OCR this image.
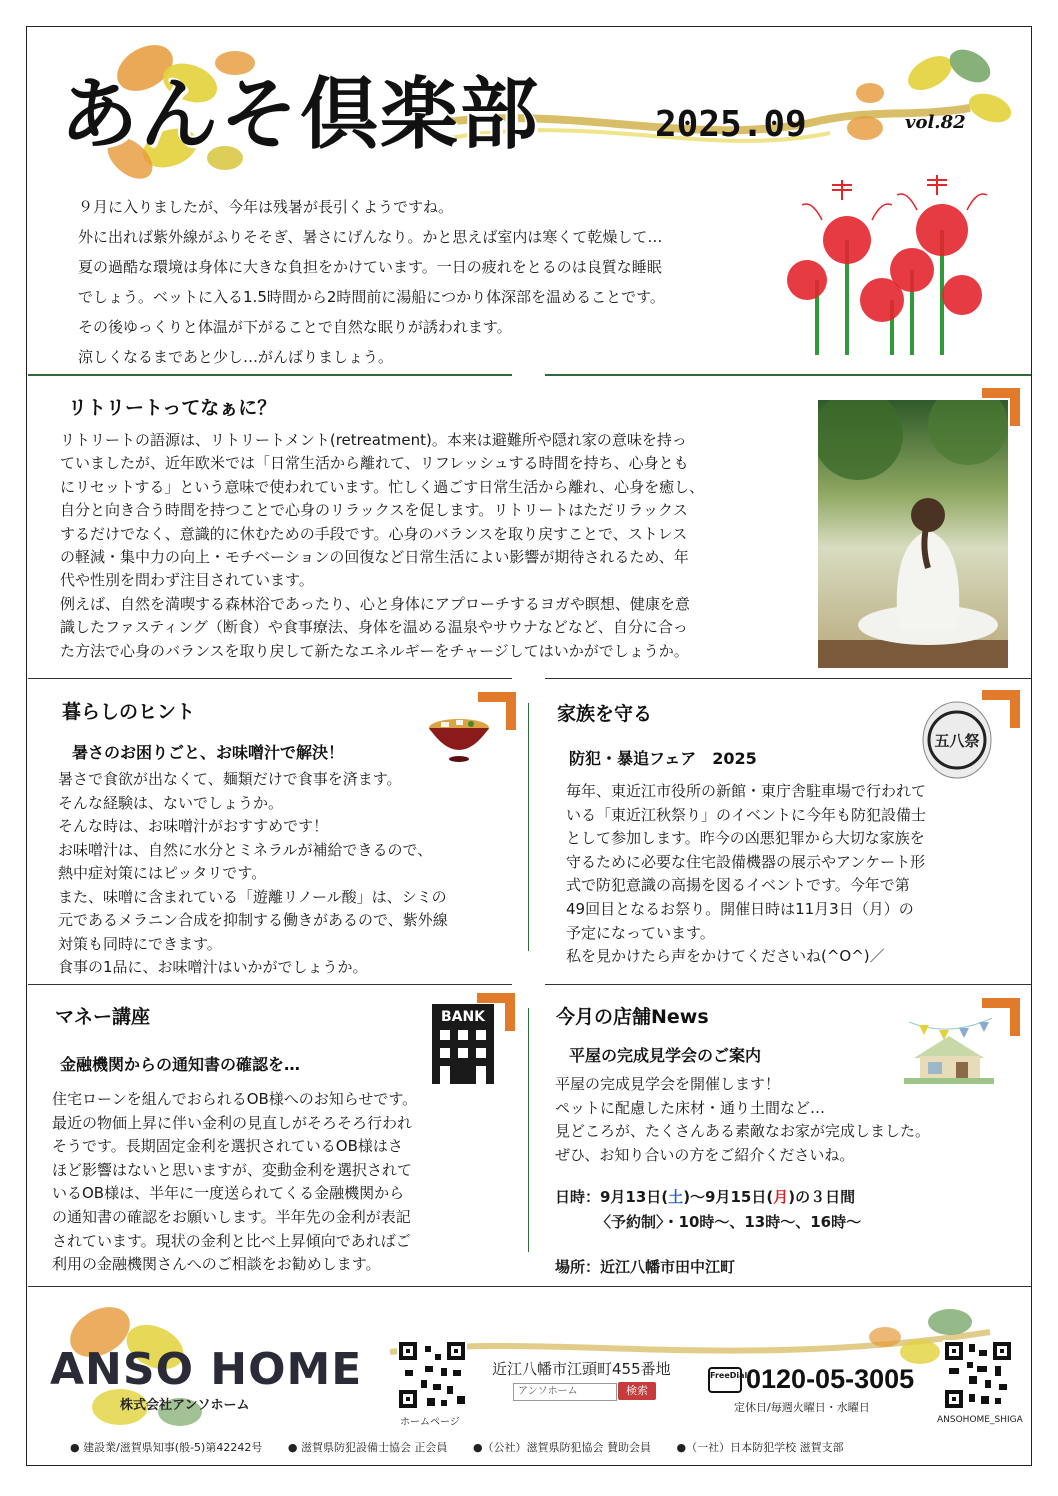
あんそ倶楽部	2025.09	vol.82

９月に入りましたが、今年は残暑が長引くようですね。

外に出れば紫外線がふりそそぎ、暑さにげんなり。かと思えば室内は寒くて乾燥して…

夏の過酷な環境は身体に大きな負担をかけています。一日の疲れをとるのは良質な睡眠

でしょう。ベットに入る1.5時間から2時間前に湯船につかり体深部を温めることです。

その後ゆっくりと体温が下がることで自然な眠りが誘われます。

涼しくなるまであと少し…がんばりましょう。

リトリートってなぁに？

リトリートの語源は、リトリートメント(retreatment)。本来は避難所や隠れ家の意味を持っ

ていましたが、近年欧米では「日常生活から離れて、リフレッシュする時間を持ち、心身とも

にリセットする」という意味で使われています。忙しく過ごす日常生活から離れ、心身を癒し、

自分と向き合う時間を持つことで心身のリラックスを促します。リトリートはただリラックス

するだけでなく、意識的に休むための手段です。心身のバランスを取り戻すことで、ストレス

の軽減・集中力の向上・モチベーションの回復など日常生活によい影響が期待されるため、年

代や性別を問わず注目されています。

例えば、自然を満喫する森林浴であったり、心と身体にアプローチするヨガや瞑想、健康を意

識したファスティング（断食）や食事療法、身体を温める温泉やサウナなどなど、自分に合っ

た方法で心身のバランスを取り戻して新たなエネルギーをチャージしてはいかがでしょうか。

暮らしのヒント
暑さのお困りごと、お味噌汁で解決！

暑さで食欲が出なくて、麺類だけで食事を済ます。

そんな経験は、ないでしょうか。

そんな時は、お味噌汁がおすすめです！

お味噌汁は、自然に水分とミネラルが補給できるので、

熱中症対策にはピッタリです。

また、味噌に含まれている「遊離リノール酸」は、シミの

元であるメラニン合成を抑制する働きがあるので、紫外線

対策も同時にできます。

食事の1品に、お味噌汁はいかがでしょうか。

家族を守る
防犯・暴追フェア　2025
五八祭

毎年、東近江市役所の新館・東庁舎駐車場で行われて

いる「東近江秋祭り」のイベントに今年も防犯設備士

として参加します。昨今の凶悪犯罪から大切な家族を

守るために必要な住宅設備機器の展示やアンケート形

式で防犯意識の高揚を図るイベントです。今年で第

49回目となるお祭り。開催日時は11月3日（月）の

予定になっています。

私を見かけたら声をかけてくださいね(^O^)／

マネー講座
金融機関からの通知書の確認を…
BANK

住宅ローンを組んでおられるOB様へのお知らせです。

最近の物価上昇に伴い金利の見直しがそろそろ行われ

そうです。長期固定金利を選択されているOB様はさ

ほど影響はないと思いますが、変動金利を選択されて

いるOB様は、半年に一度送られてくる金融機関から

の通知書の確認をお願いします。半年先の金利が表記

されています。現状の金利と比べ上昇傾向であればご

利用の金融機関さんへのご相談をお勧めします。

今月の店舗News
平屋の完成見学会のご案内

平屋の完成見学会を開催します！

ペットに配慮した床材・通り土間など…

見どころが、たくさんある素敵なお家が完成しました。

ぜひ、お知り合いの方をご紹介くださいね。

日時：9月13日(土)～9月15日(月)の３日間
〈予約制〉・10時～、13時～、16時～
場所：近江八幡市田中江町
ANSO HOME
株式会社アンソホーム
ホームページ
近江八幡市江頭町455番地
アンソホーム	検索
FreeDial
0120-05-3005
定休日/毎週火曜日・水曜日
ANSOHOME_SHIGA
● 建設業/滋賀県知事(般-5)第42242号 ● 滋賀県防犯設備士協会 正会員 ●（公社）滋賀県防犯協会 賛助会員 ●（一社）日本防犯学校 滋賀支部
